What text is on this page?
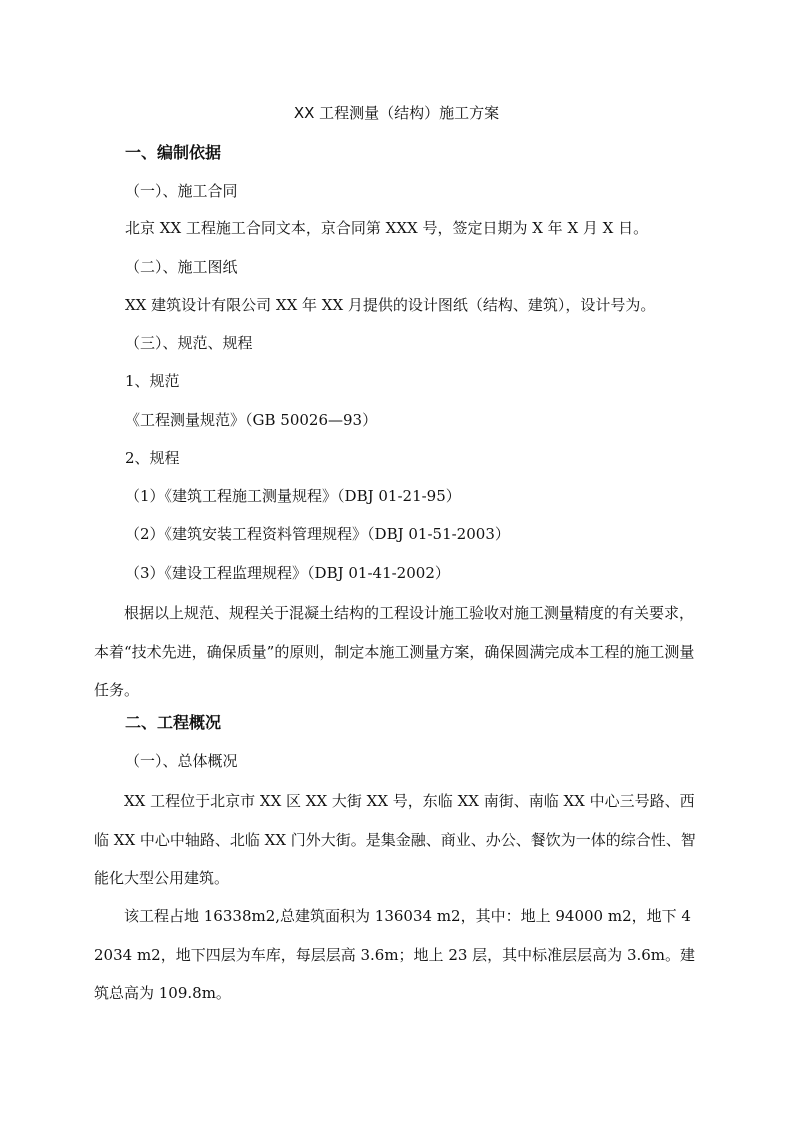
XX 工程测量（结构）施工方案
一、编制依据
（一）、施工合同
北京 XX 工程施工合同文本，京合同第 XXX 号，签定日期为 X 年 X 月 X 日。
（二）、施工图纸
XX 建筑设计有限公司 XX 年 XX 月提供的设计图纸（结构、建筑），设计号为。
（三）、规范、规程
1、规范
《工程测量规范》（GB 50026—93）
2、规程
（1）《建筑工程施工测量规程》（DBJ 01-21-95）
（2）《建筑安装工程资料管理规程》（DBJ 01-51-2003）
（3）《建设工程监理规程》（DBJ 01-41-2002）
根据以上规范、规程关于混凝土结构的工程设计施工验收对施工测量精度的有关要求，本着“技术先进，确保质量”的原则，制定本施工测量方案，确保圆满完成本工程的施工测量任务。
二、工程概况
（一）、总体概况
XX 工程位于北京市 XX 区 XX 大街 XX 号，东临 XX 南街、南临 XX 中心三号路、西临 XX 中心中轴路、北临 XX 门外大街。是集金融、商业、办公、餐饮为一体的综合性、智能化大型公用建筑。
该工程占地 16338m2,总建筑面积为 136034 m2，其中：地上 94000 m2，地下 42034 m2，地下四层为车库，每层层高 3.6m；地上 23 层，其中标准层层高为 3.6m。建筑总高为 109.8m。
